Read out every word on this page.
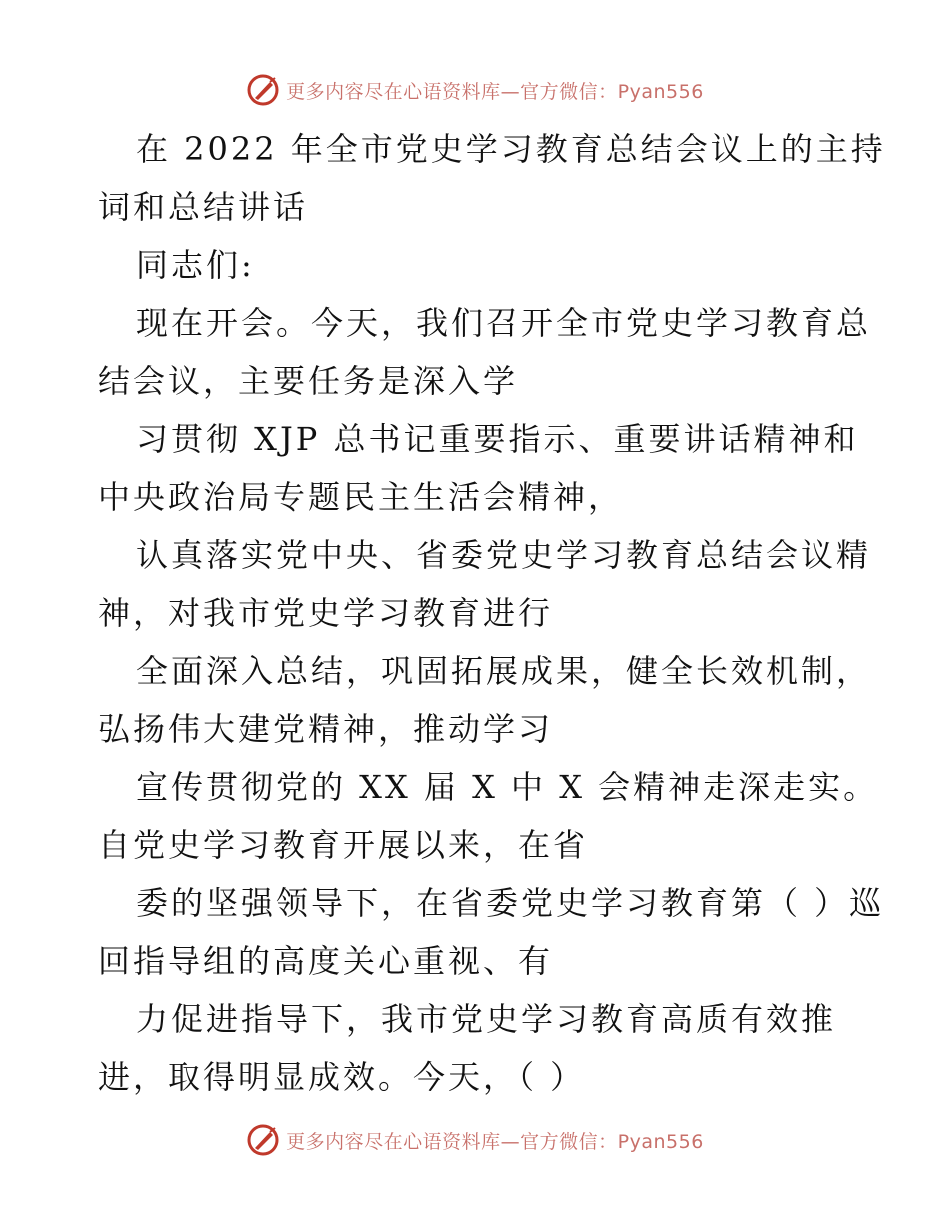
更多内容尽在心语资料库—官方微信：Pyan556
在 2022 年全市党史学习教育总结会议上的主持
词和总结讲话
同志们:
现在开会。今天，我们召开全市党史学习教育总
结会议，主要任务是深入学
习贯彻 XJP 总书记重要指示、重要讲话精神和
中央政治局专题民主生活会精神，
认真落实党中央、省委党史学习教育总结会议精
神，对我市党史学习教育进行
全面深入总结，巩固拓展成果，健全长效机制，
弘扬伟大建党精神，推动学习
宣传贯彻党的 XX 届 X 中 X 会精神走深走实。
自党史学习教育开展以来，在省
委的坚强领导下，在省委党史学习教育第（ ）巡
回指导组的高度关心重视、有
力促进指导下，我市党史学习教育高质有效推
进，取得明显成效。今天，（ ）
更多内容尽在心语资料库—官方微信：Pyan556
